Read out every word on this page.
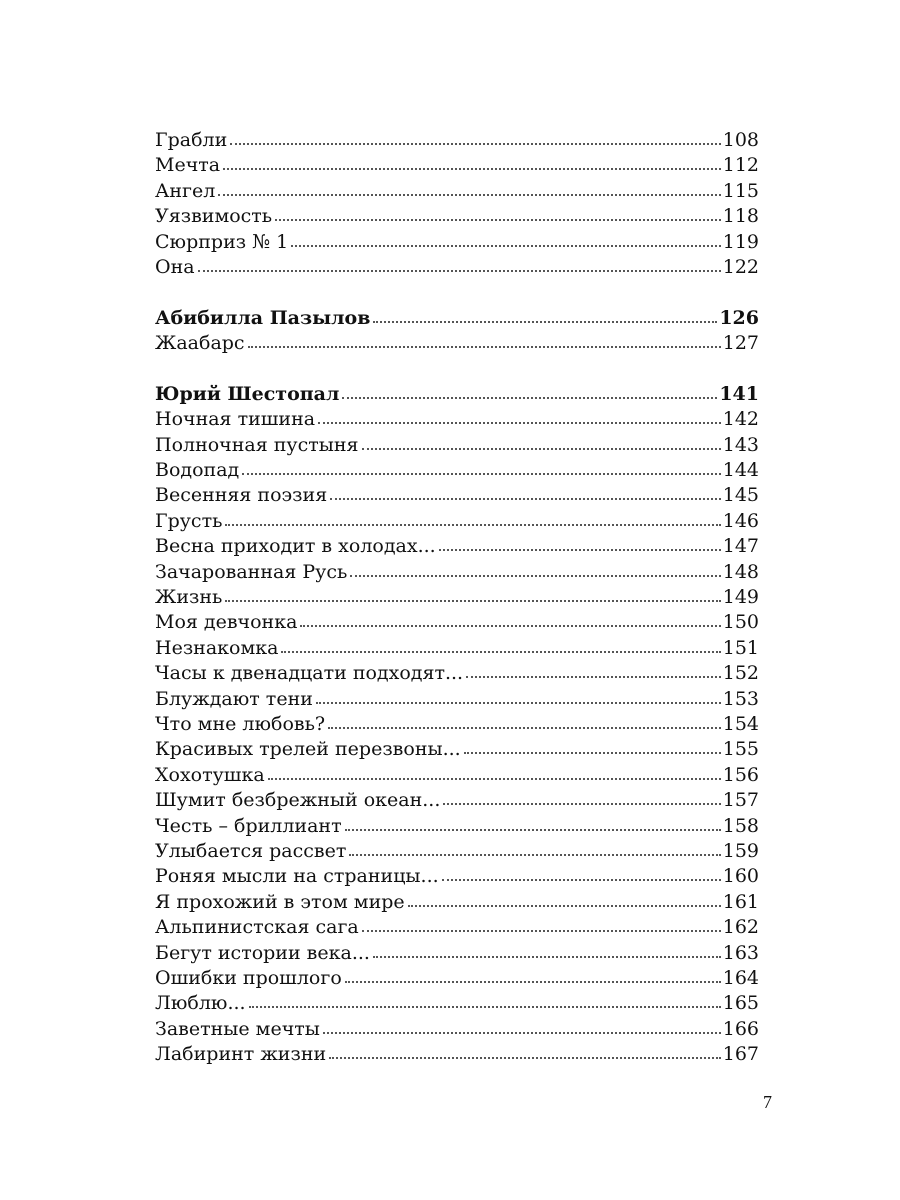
Грабли	108
Мечта	112
Ангел	115
Уязвимость	118
Сюрприз № 1	119
Она	122
Абибилла Пазылов	126
Жаабарс	127
Юрий Шестопал	141
Ночная тишина	142
Полночная пустыня	143
Водопад	144
Весенняя поэзия	145
Грусть	146
Весна приходит в холодах...	147
Зачарованная Русь	148
Жизнь	149
Моя девчонка	150
Незнакомка	151
Часы к двенадцати подходят...	152
Блуждают тени	153
Что мне любовь?	154
Красивых трелей перезвоны...	155
Хохотушка	156
Шумит безбрежный океан...	157
Честь – бриллиант	158
Улыбается рассвет	159
Роняя мысли на страницы...	160
Я прохожий в этом мире	161
Альпинистская сага	162
Бегут истории века...	163
Ошибки прошлого	164
Люблю...	165
Заветные мечты	166
Лабиринт жизни	167
7
